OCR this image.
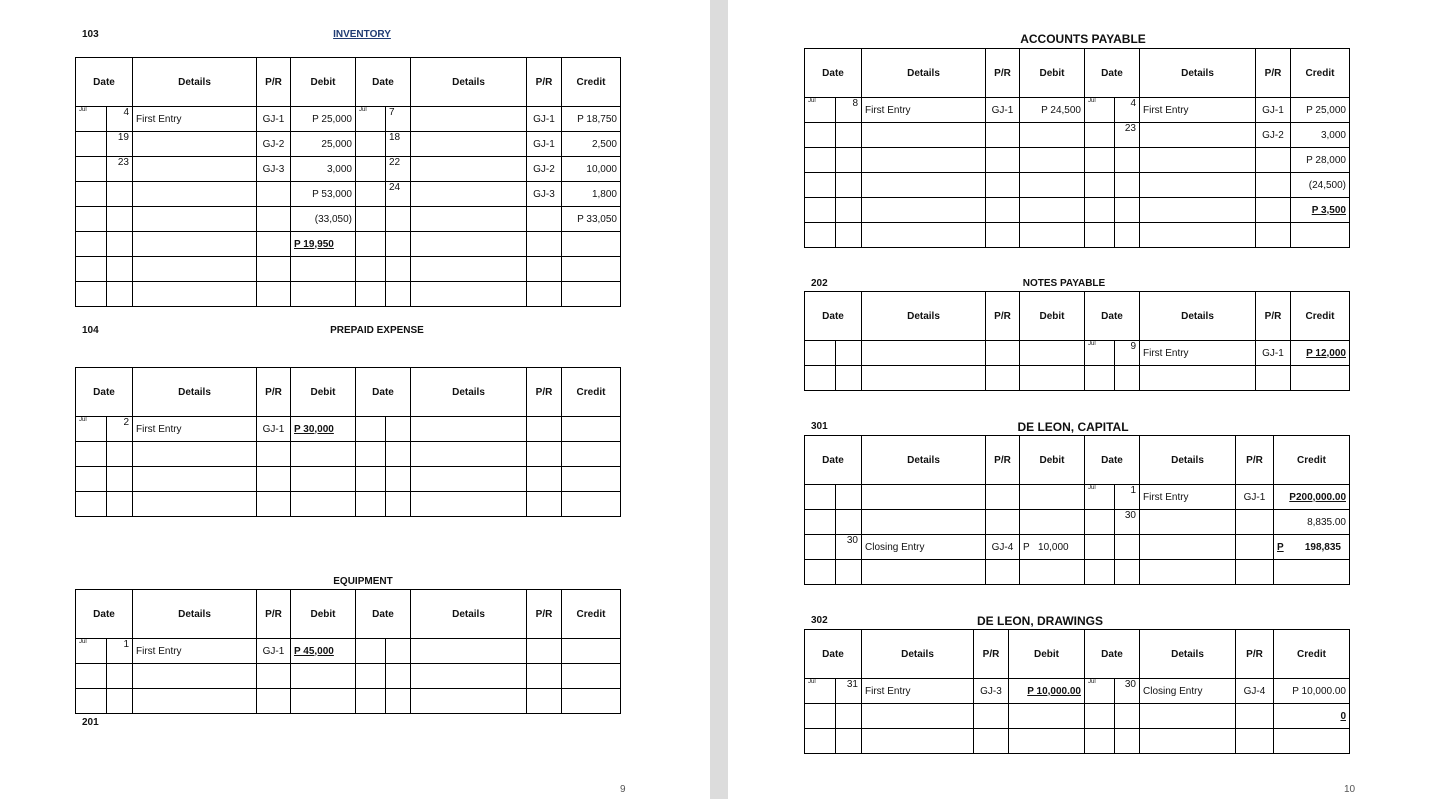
103	INVENTORY
Date		Details	P/R	Debit	Date		Details	P/R	Credit
Jul	4	First Entry	GJ-1	P 25,000	Jul	7		GJ-1	P 18,750
	19		GJ-2	25,000		18		GJ-1	2,500
	23		GJ-3	3,000		22		GJ-2	10,000
				P 53,000		24		GJ-3	1,800
				(33,050)					P 33,050
				P 19,950					

104	PREPAID EXPENSE
Date		Details	P/R	Debit	Date		Details	P/R	Credit
Jul	2	First Entry	GJ-1	P 30,000					

EQUIPMENT
Date		Details	P/R	Debit	Date		Details	P/R	Credit
Jul	1	First Entry	GJ-1	P 45,000					

201
9
ACCOUNTS PAYABLE
Date		Details	P/R	Debit	Date		Details	P/R	Credit
Jul	8	First Entry	GJ-1	P 24,500	Jul	4	First Entry	GJ-1	P 25,000
						23		GJ-2	3,000
									P 28,000
									(24,500)
									P 3,500

202	NOTES PAYABLE
Date		Details	P/R	Debit	Date		Details	P/R	Credit
					Jul	9	First Entry	GJ-1	P 12,000

301	DE LEON, CAPITAL
Date		Details	P/R	Debit	Date		Details	P/R	Credit
					Jul	1	First Entry	GJ-1	P200,000.00
						30			8,835.00
	30	Closing Entry	GJ-4	P 10,000					P 198,835

302	DE LEON, DRAWINGS
Date		Details	P/R	Debit	Date		Details	P/R	Credit
Jul	31	First Entry	GJ-3	P 10,000.00	Jul	30	Closing Entry	GJ-4	P 10,000.00
									0

10
